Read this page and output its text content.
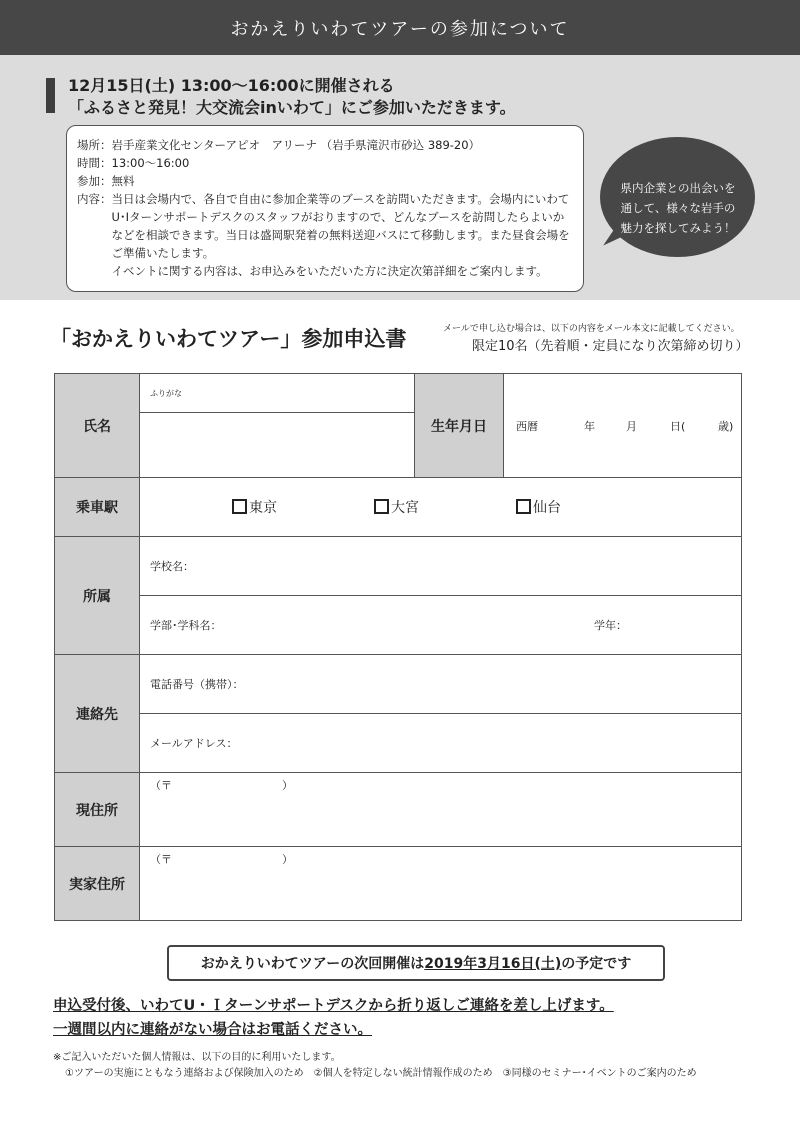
おかえりいわてツアーの参加について
12月15日(土) 13:00～16:00に開催される
「ふるさと発見！大交流会inいわて」にご参加いただきます。
場所： 岩手産業文化センターアピオ　アリーナ （岩手県滝沢市砂込 389-20）
時間： 13:00～16:00
参加： 無料
内容： 当日は会場内で、各自で自由に参加企業等のブースを訪問いただきます。会場内にいわてU･Iターンサポートデスクのスタッフがおりますので、どんなブースを訪問したらよいかなどを相談できます。当日は盛岡駅発着の無料送迎バスにて移動します。また昼食会場をご準備いたします。
イベントに関する内容は、お申込みをいただいた方に決定次第詳細をご案内します。
県内企業との出会いを
通して、様々な岩手の
魅力を探してみよう！
「おかえりいわてツアー」参加申込書	メールで申し込む場合は、以下の内容をメール本文に記載してください。
限定10名（先着順・定員になり次第締め切り）
氏名	ふりがな	生年月日	西暦 年 月 日( 歳)

乗車駅	東京 大宮 仙台		

所属	学校名：
学部･学科名： 学年：		

連絡先	電話番号（携帯）：
メールアドレス：		

現住所	（〒　　　　　　　　　　）		

実家住所	（〒　　　　　　　　　　）		
おかえりいわてツアーの次回開催は 2019年3月16日(土) の予定です
申込受付後、いわてU・Ｉターンサポートデスクから折り返しご連絡を差し上げます。
一週間以内に連絡がない場合はお電話ください。
※ご記入いただいた個人情報は、以下の目的に利用いたします。
①ツアーの実施にともなう連絡および保険加入のため　②個人を特定しない統計情報作成のため　③同様のセミナー･イベントのご案内のため
